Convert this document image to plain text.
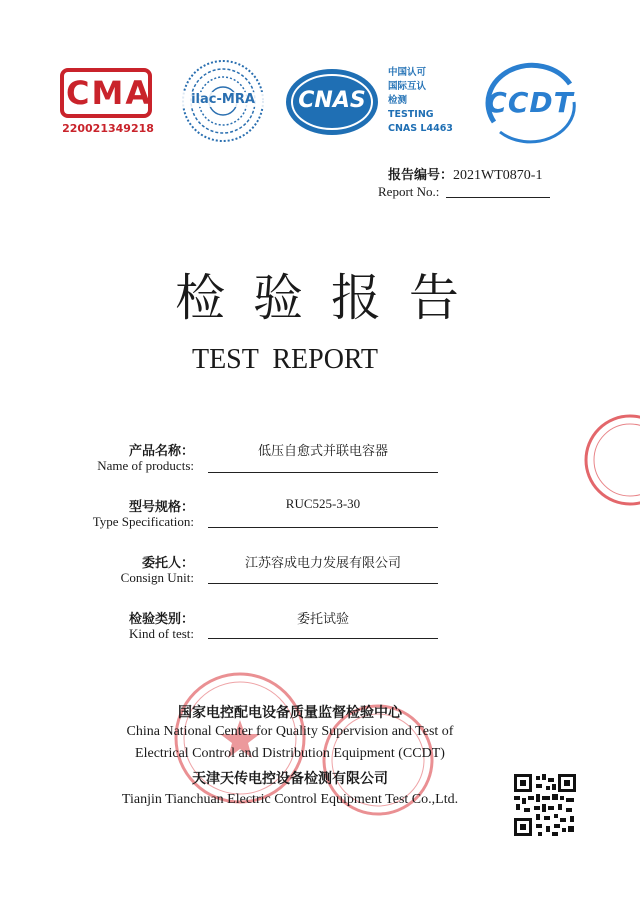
CMA
220021349218
ilac-MRA	CNAS
中国认可
国际互认
检测
TESTING
CNAS L4463
CCDT
报告编号：2021WT0870-1
Report No.:
检 验 报 告
TEST  REPORT
产品名称：
Name of products:
低压自愈式并联电容器
型号规格：
Type Specification:
RUC525-3-30
委托人：
Consign Unit:
江苏容成电力发展有限公司
检验类别：
Kind of test:
委托试验
国家电控配电设备质量监督检验中心
China National Center for Quality Supervision and Test of
Electrical Control and Distribution Equipment (CCDT)
天津天传电控设备检测有限公司
Tianjin Tianchuan Electric Control Equipment Test Co.,Ltd.
